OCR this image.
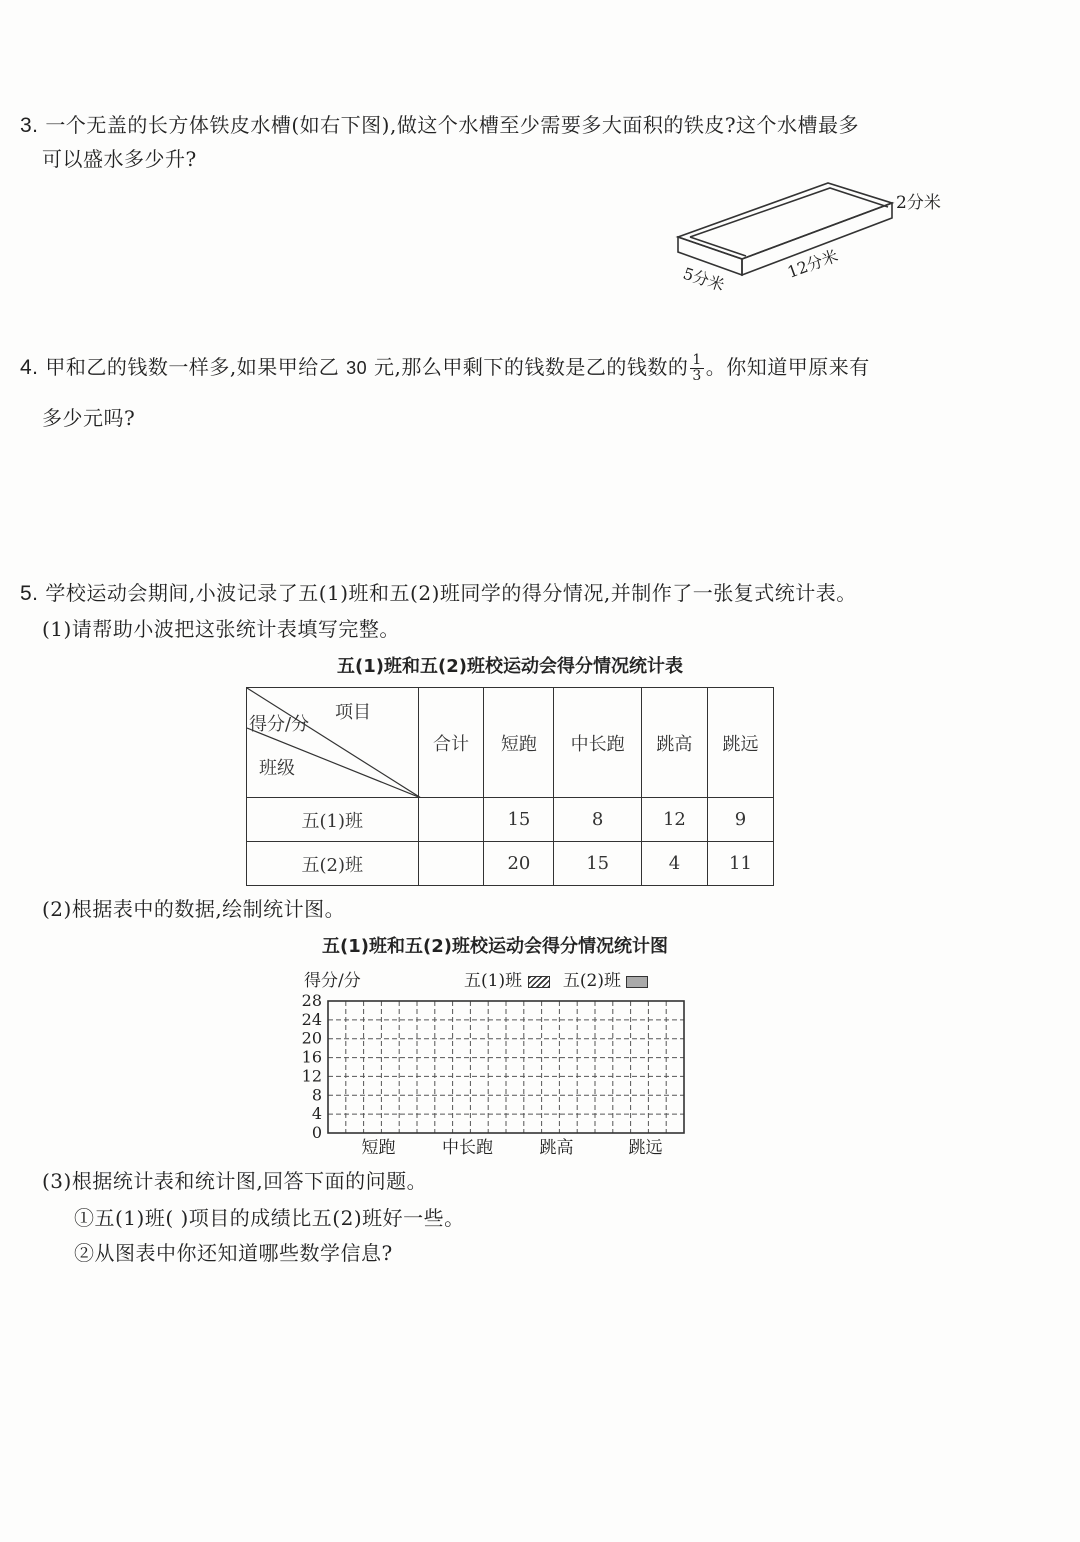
3. 一个无盖的长方体铁皮水槽(如右下图),做这个水槽至少需要多大面积的铁皮?这个水槽最多
可以盛水多少升?
2分米
5分米	12分米
4. 甲和乙的钱数一样多,如果甲给乙 30 元,那么甲剩下的钱数是乙的钱数的 $\frac{1}{3}$ 。你知道甲原来有
多少元吗?
5. 学校运动会期间,小波记录了五(1)班和五(2)班同学的得分情况,并制作了一张复式统计表。
(1)请帮助小波把这张统计表填写完整。
五(1)班和五(2)班校运动会得分情况统计表
项目
得分/分
班级	合计	短跑	中长跑	跳高	跳远
五(1)班		15	8	12	9
五(2)班		20	15	4	11
(2)根据表中的数据,绘制统计图。
五(1)班和五(2)班校运动会得分情况统计图
得分/分	五(1)班 五(2)班
28
24
20
16
12
8
4
0
短跑	中长跑	跳高	跳远
(3)根据统计表和统计图,回答下面的问题。
①五(1)班( )项目的成绩比五(2)班好一些。
②从图表中你还知道哪些数学信息?
